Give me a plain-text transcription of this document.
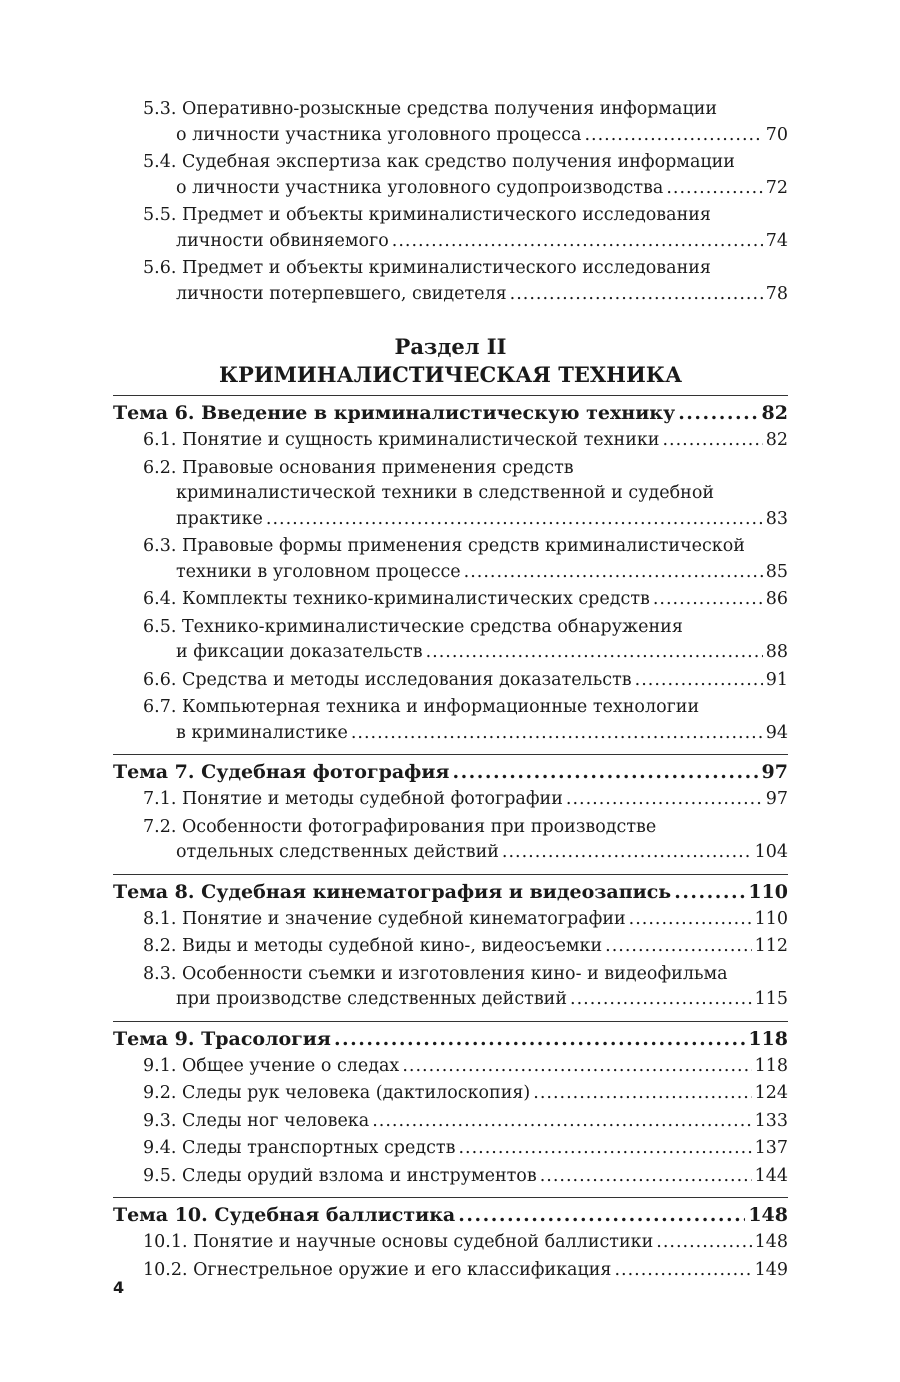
5.3. Оперативно-розыскные средства получения информации
о личности участника уголовного процесса .....	70
5.4. Судебная экспертиза как средство получения информации
о личности участника уголовного судопроизводства .....	72
5.5. Предмет и объекты криминалистического исследования
личности обвиняемого .....	74
5.6. Предмет и объекты криминалистического исследования
личности потерпевшего, свидетеля .....	78
Раздел II
КРИМИНАЛИСТИЧЕСКАЯ ТЕХНИКА
Тема 6. Введение в криминалистическую технику .....	82
6.1. Понятие и сущность криминалистической техники .....	82
6.2. Правовые основания применения средств
криминалистической техники в следственной и судебной
практике .....	83
6.3. Правовые формы применения средств криминалистической
техники в уголовном процессе .....	85
6.4. Комплекты технико-криминалистических средств .....	86
6.5. Технико-криминалистические средства обнаружения
и фиксации доказательств .....	88
6.6. Средства и методы исследования доказательств .....	91
6.7. Компьютерная техника и информационные технологии
в криминалистике .....	94
Тема 7. Судебная фотография .....	97
7.1. Понятие и методы судебной фотографии .....	97
7.2. Особенности фотографирования при производстве
отдельных следственных действий .....	104
Тема 8. Судебная кинематография и видеозапись .....	110
8.1. Понятие и значение судебной кинематографии .....	110
8.2. Виды и методы судебной кино-, видеосъемки .....	112
8.3. Особенности съемки и изготовления кино- и видеофильма
при производстве следственных действий .....	115
Тема 9. Трасология .....	118
9.1. Общее учение о следах .....	118
9.2. Следы рук человека (дактилоскопия) .....	124
9.3. Следы ног человека .....	133
9.4. Следы транспортных средств .....	137
9.5. Следы орудий взлома и инструментов .....	144
Тема 10. Судебная баллистика .....	148
10.1. Понятие и научные основы судебной баллистики .....	148
10.2. Огнестрельное оружие и его классификация .....	149
4
